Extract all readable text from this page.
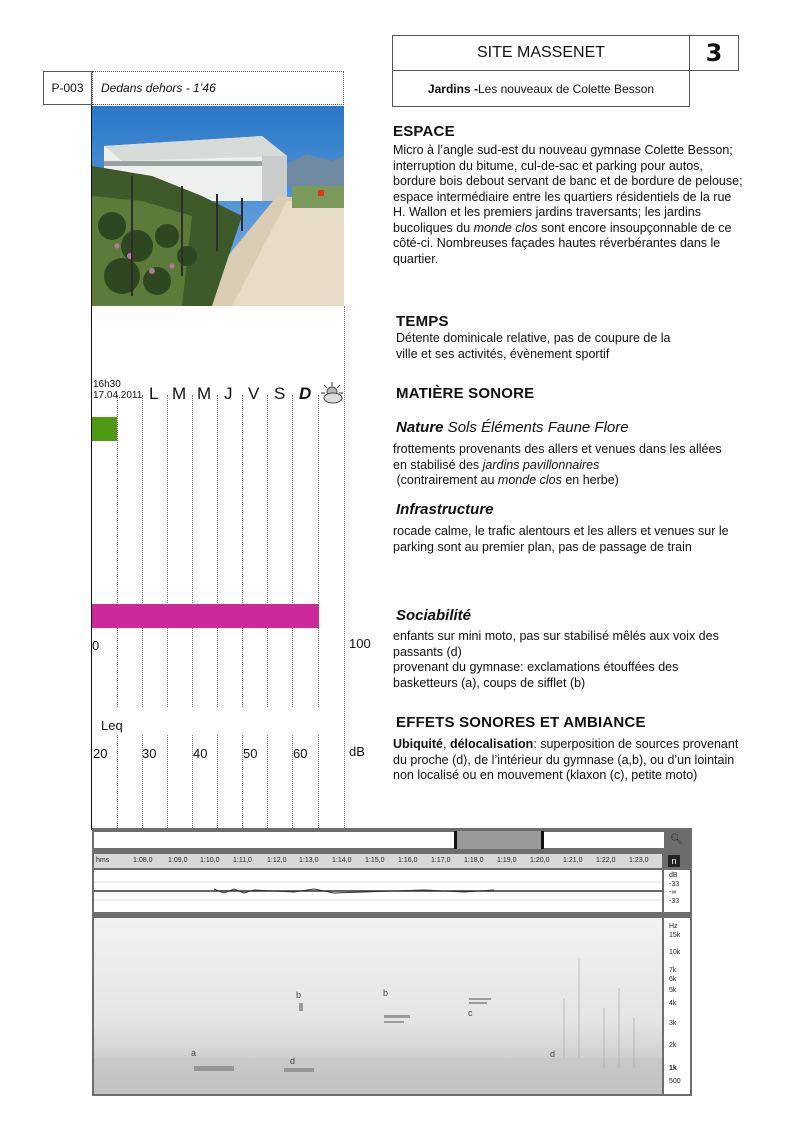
SITE MASSENET	3
Jardins - Les nouveaux de Colette Besson
P-003 Dedans dehors - 1’46
16h30
17.04.2011 L M M J V S D
0	100
Leq
20	30	40	50	60	dB
ESPACE
Micro à l’angle sud-est du nouveau gymnase Colette Besson; interruption du bitume, cul-de-sac et parking pour autos, bordure bois debout servant de banc et de bordure de pelouse; espace intermédiaire entre les quartiers résidentiels de la rue H. Wallon et les premiers jardins traversants; les jardins bucoliques du monde clos sont encore insoupçonnable de ce côté-ci. Nombreuses façades hautes réverbérantes dans le quartier.
TEMPS
Détente dominicale relative, pas de coupure de la ville et ses activités, évènement sportif
MATIÈRE SONORE
Nature Sols Éléments Faune Flore
frottements provenants des allers et venues dans les allées en stabilisé des jardins pavillonnaires (contrairement au monde clos en herbe)
Infrastructure
rocade calme, le trafic alentours et les allers et venues sur le parking sont au premier plan, pas de passage de train
Sociabilité
enfants sur mini moto, pas sur stabilisé mêlés aux voix des passants (d)
provenant du gymnase: exclamations étouffées des basketteurs (a), coups de sifflet (b)
EFFETS SONORES ET AMBIANCE
Ubiquité, délocalisation: superposition de sources provenant du proche (d), de l’intérieur du gymnase (a,b), ou d’un lointain non localisé ou en mouvement (klaxon (c), petite moto)
🔍︎
n
hms	1:08,0 1:09,0 1:10,0 1:11,0 1:12,0 1:13,0 1:14,0 1:15,0 1:16,0 1:17,0 1:18,0 1:19,0 1:20,0 1:21,0 1:22,0 1:23,0
dB
-33
-∞
-33
Hz
15k
10k
7k
6k
5k
4k
3k
2k
1k
500
a
b	b
c
d
d
